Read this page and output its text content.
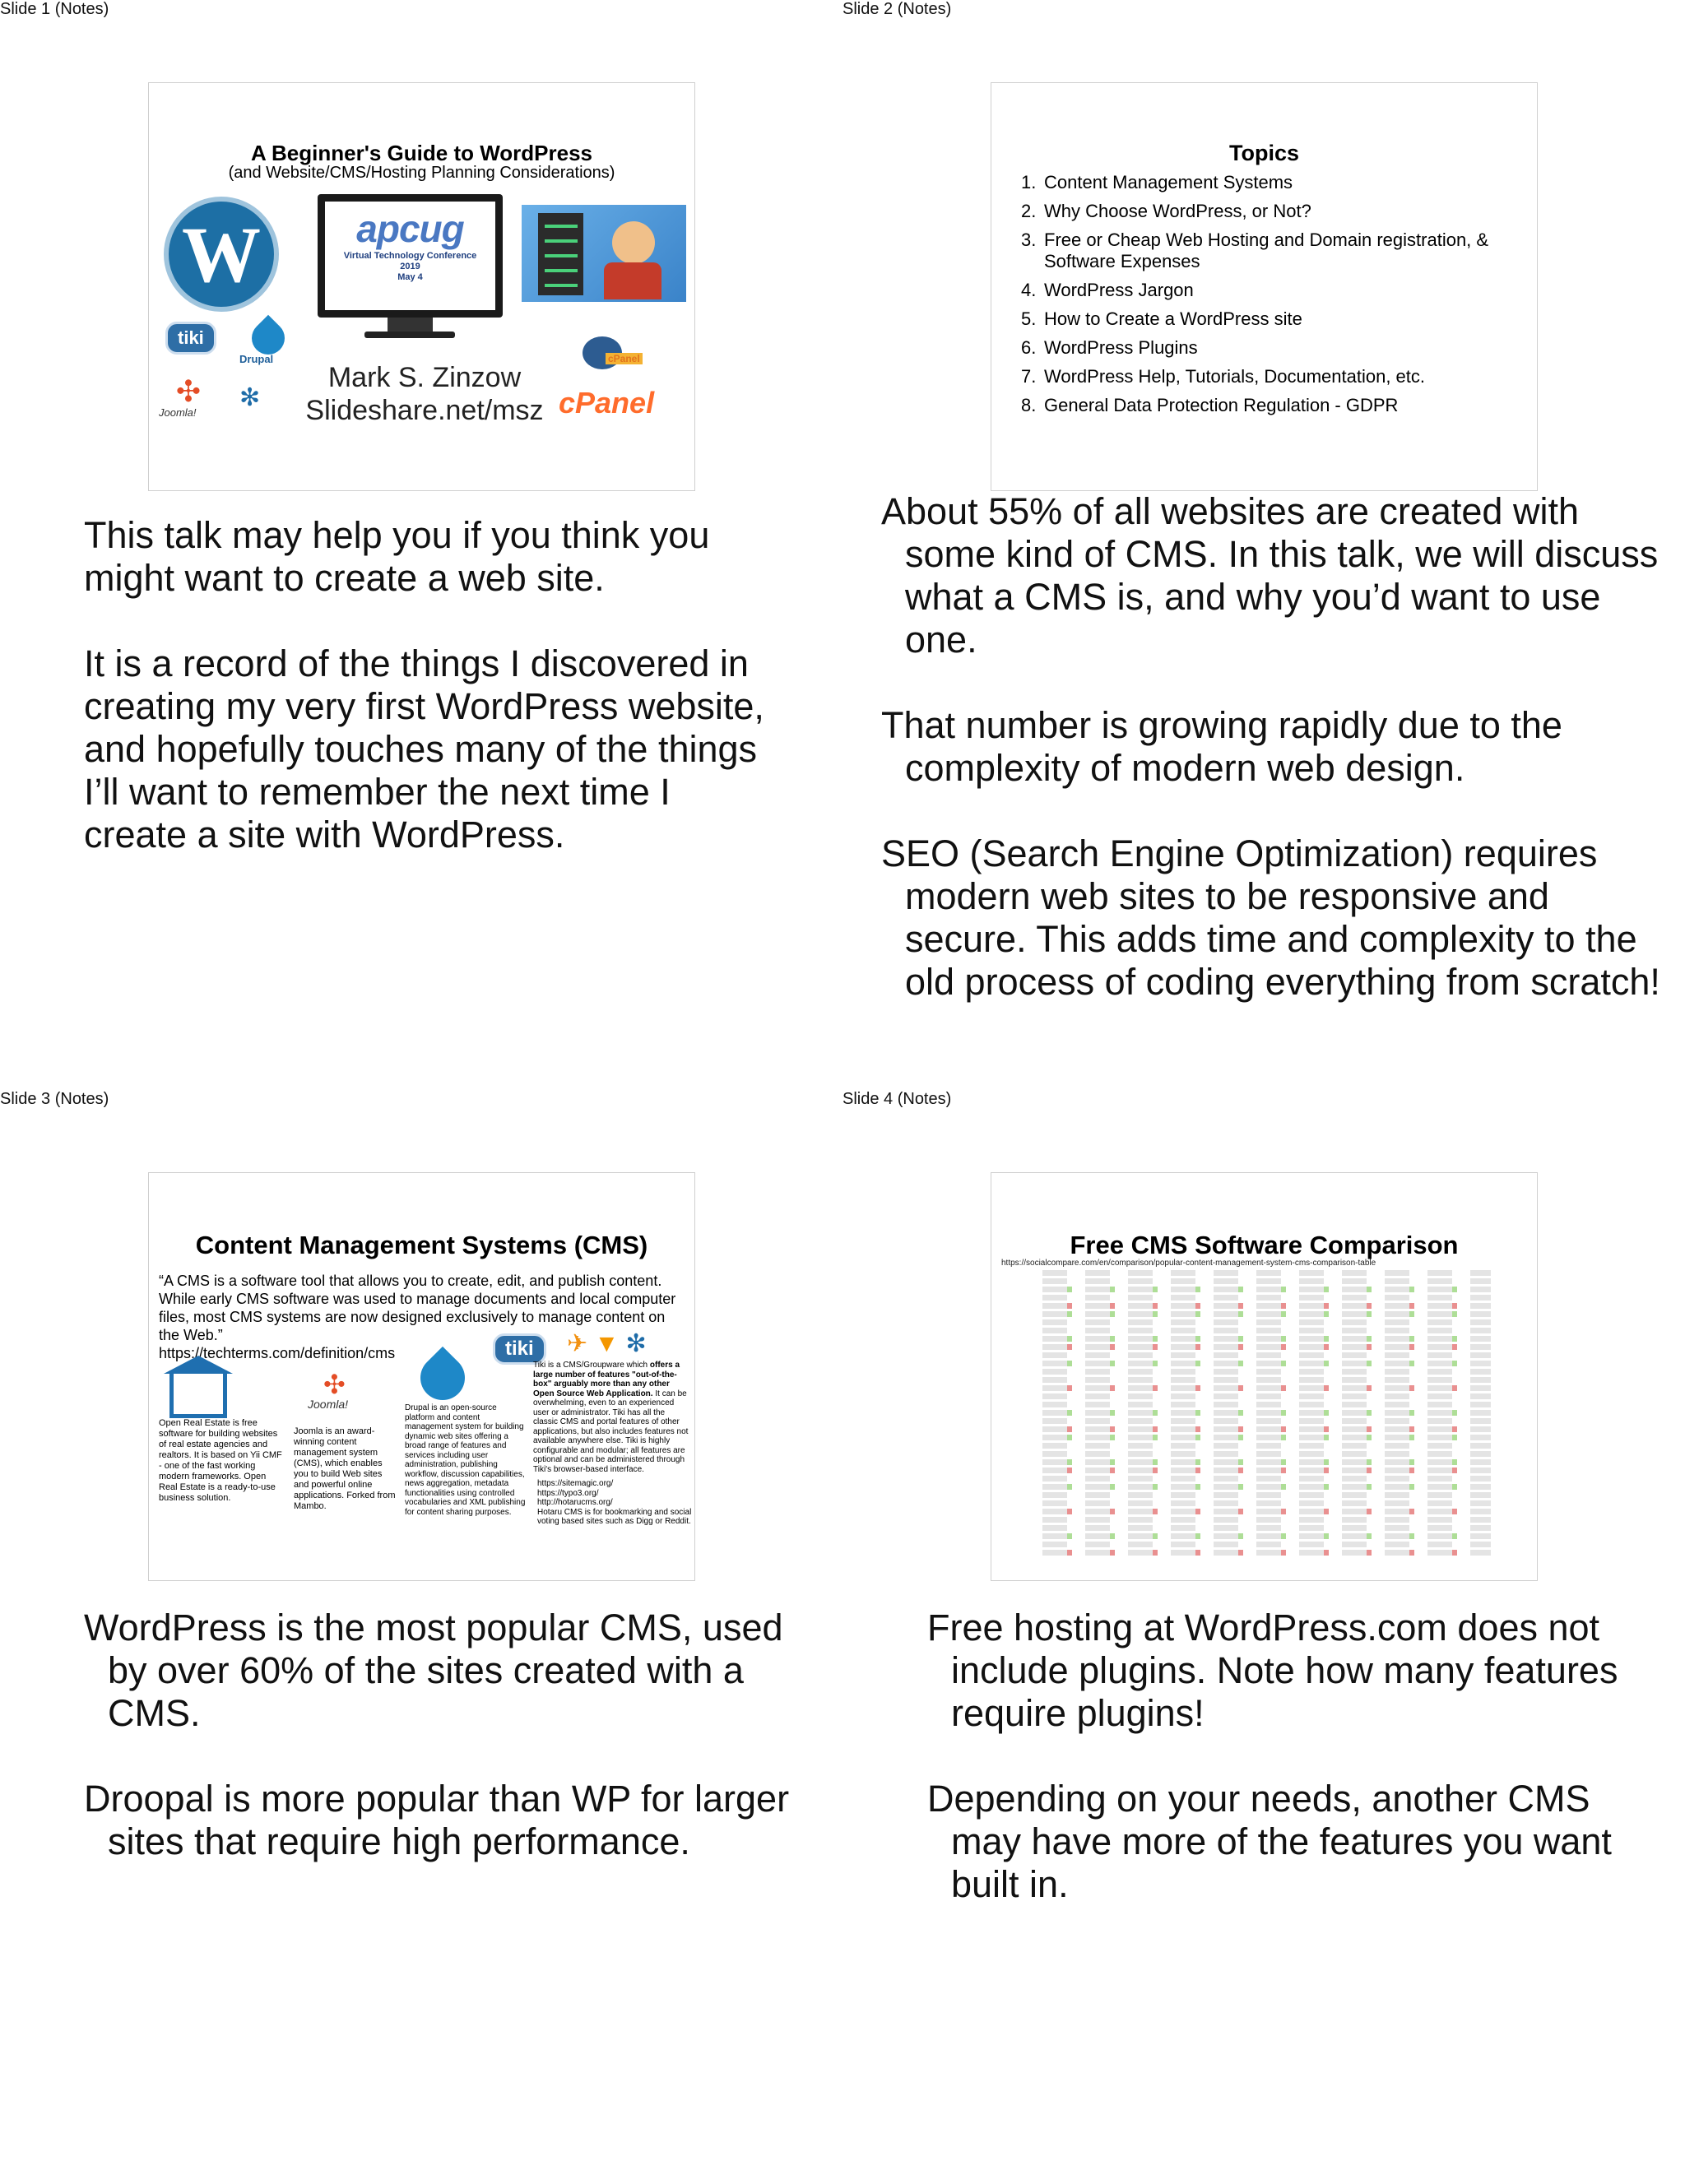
Slide 1 (Notes)
A Beginner's Guide to WordPress
(and Website/CMS/Hosting Planning Considerations)
W	apcug
Virtual Technology Conference
2019
May 4
tiki
Drupal
✣
Joomla!
✻
Mark S. Zinzow
Slideshare.net/msz
cPanel
cPanel

This talk may help you if you think you might want to create a web site.

It is a record of the things I discovered in creating my very first WordPress website, and hopefully touches many of the things I’ll want to remember the next time I create a site with WordPress.

Slide 2 (Notes)
Topics
1. Content Management Systems
2. Why Choose WordPress, or Not?
3. Free or Cheap Web Hosting and Domain registration, & Software Expenses
4. WordPress Jargon
5. How to Create a WordPress site
6. WordPress Plugins
7. WordPress Help, Tutorials, Documentation, etc.
8. General Data Protection Regulation - GDPR

About 55% of all websites are created with some kind of CMS. In this talk, we will discuss what a CMS is, and why you’d want to use one.

That number is growing rapidly due to the complexity of modern web design.

SEO (Search Engine Optimization) requires modern web sites to be responsive and secure. This adds time and complexity to the old process of coding everything from scratch!

Slide 3 (Notes)
Content Management Systems (CMS)
“A CMS is a software tool that allows you to create, edit, and publish content. While early CMS software was used to manage documents and local computer files, most CMS systems are now designed exclusively to manage content on the Web.”
https://techterms.com/definition/cms
✣
Joomla!
tiki	✈ ▼ ✻
Open Real Estate is free software for building websites of real estate agencies and realtors. It is based on Yii CMF - one of the fast working modern frameworks. Open Real Estate is a ready-to-use business solution.
Joomla is an award-winning content management system (CMS), which enables you to build Web sites and powerful online applications. Forked from Mambo.
Drupal is an open-source platform and content management system for building dynamic web sites offering a broad range of features and services including user administration, publishing workflow, discussion capabilities, news aggregation, metadata functionalities using controlled vocabularies and XML publishing for content sharing purposes.
Tiki is a CMS/Groupware which offers a large number of features "out-of-the-box" arguably more than any other Open Source Web Application. It can be overwhelming, even to an experienced user or administrator. Tiki has all the classic CMS and portal features of other applications, but also includes features not available anywhere else. Tiki is highly configurable and modular; all features are optional and can be administered through Tiki's browser-based interface.
https://sitemagic.org/
https://typo3.org/
http://hotarucms.org/
Hotaru CMS is for bookmarking and social voting based sites such as Digg or Reddit.

WordPress is the most popular CMS, used by over 60% of the sites created with a CMS.

Droopal is more popular than WP for larger sites that require high performance.

Slide 4 (Notes)
Free CMS Software Comparison
https://socialcompare.com/en/comparison/popular-content-management-system-cms-comparison-table

Free hosting at WordPress.com does not include plugins. Note how many features require plugins!

Depending on your needs, another CMS may have more of the features you want built in.
